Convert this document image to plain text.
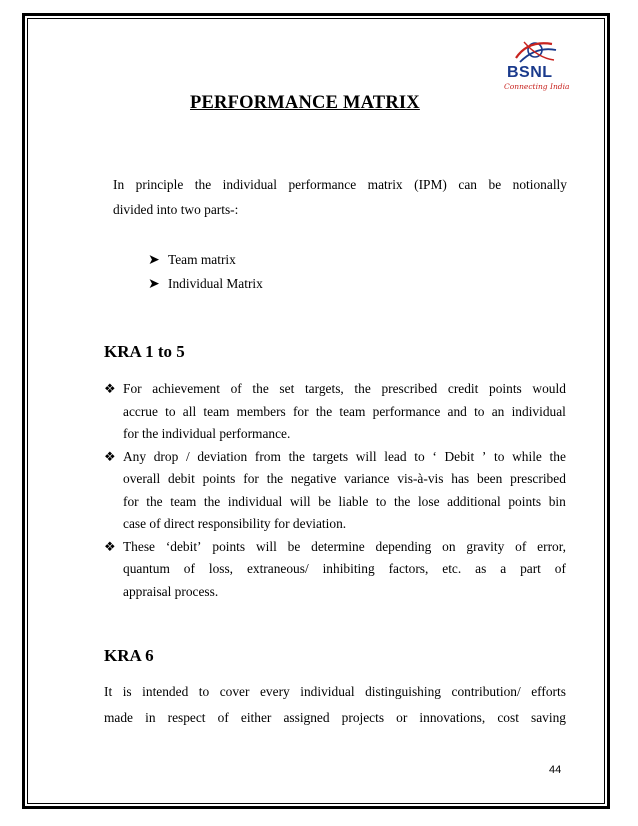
BSNL
Connecting India
PERFORMANCE MATRIX
In principle the individual performance matrix (IPM) can be notionally
divided into two parts-:
➤ Team matrix
➤ Individual Matrix
KRA 1 to 5
❖ For achievement of the set targets, the prescribed credit points would
accrue to all team members for the team performance and to an individual
for the individual performance.
❖ Any drop / deviation from the targets will lead to ‘ Debit ’ to while the
overall debit points for the negative variance vis-à-vis has been prescribed
for the team the individual will be liable to the lose additional points bin
case of direct responsibility for deviation.
❖ These ‘debit’ points will be determine depending on gravity of error,
quantum of loss, extraneous/ inhibiting factors, etc. as a part of
appraisal process.
KRA 6
It is intended to cover every individual distinguishing contribution/ efforts
made in respect of either assigned projects or innovations, cost saving
44
